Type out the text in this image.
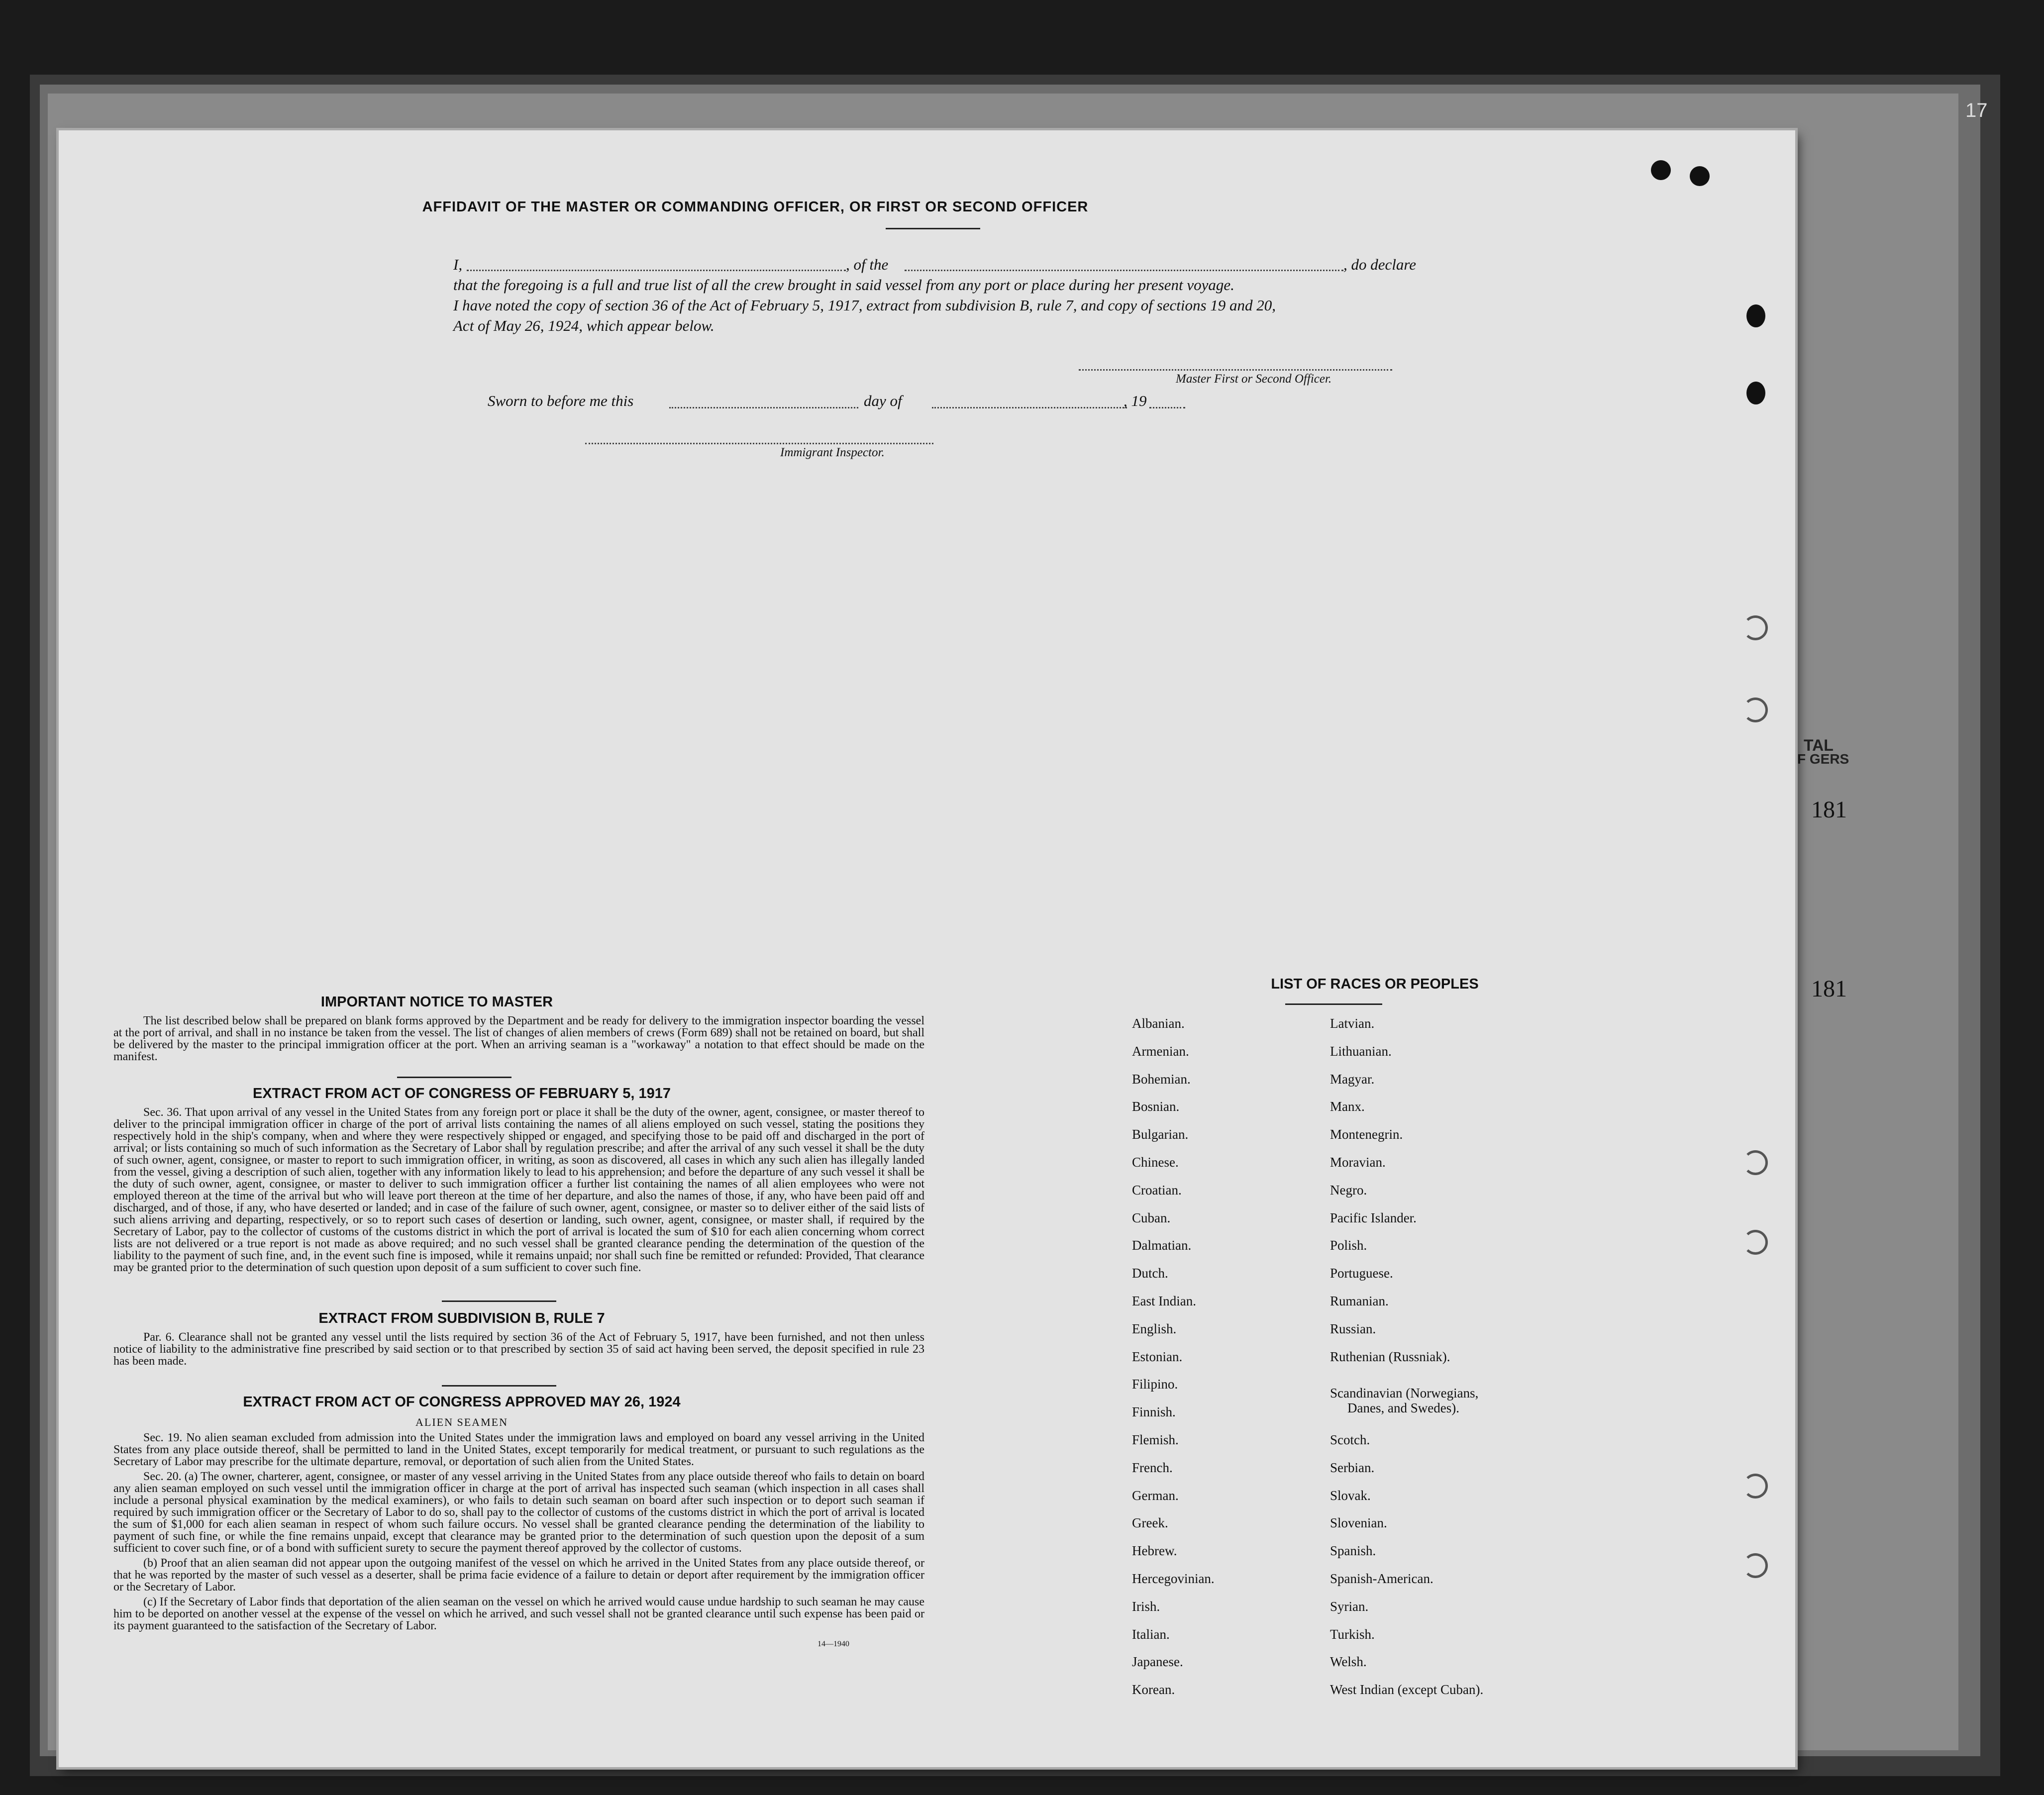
17
TAL
F GERS
181
181
AFFIDAVIT OF THE MASTER OR COMMANDING OFFICER, OR FIRST OR SECOND OFFICER
I,	, of the	, do declare
that the foregoing is a full and true list of all the crew brought in said vessel from any port or place during her present voyage.
I have noted the copy of section 36 of the Act of February 5, 1917, extract from subdivision B, rule 7, and copy of sections 19 and 20,
Act of May 26, 1924, which appear below.
Master First or Second Officer.
Sworn to before me this	day of	, 19
Immigrant Inspector.
IMPORTANT NOTICE TO MASTER
The list described below shall be prepared on blank forms approved by the Department and be ready for delivery to the immigration inspector boarding the vessel at the port of arrival, and shall in no instance be taken from the vessel. The list of changes of alien members of crews (Form 689) shall not be retained on board, but shall be delivered by the master to the principal immigration officer at the port. When an arriving seaman is a "workaway" a notation to that effect should be made on the manifest.
EXTRACT FROM ACT OF CONGRESS OF FEBRUARY 5, 1917
Sec. 36. That upon arrival of any vessel in the United States from any foreign port or place it shall be the duty of the owner, agent, consignee, or master thereof to deliver to the principal immigration officer in charge of the port of arrival lists containing the names of all aliens employed on such vessel, stating the positions they respectively hold in the ship's company, when and where they were respectively shipped or engaged, and specifying those to be paid off and discharged in the port of arrival; or lists containing so much of such information as the Secretary of Labor shall by regulation prescribe; and after the arrival of any such vessel it shall be the duty of such owner, agent, consignee, or master to report to such immigration officer, in writing, as soon as discovered, all cases in which any such alien has illegally landed from the vessel, giving a description of such alien, together with any information likely to lead to his apprehension; and before the departure of any such vessel it shall be the duty of such owner, agent, consignee, or master to deliver to such immigration officer a further list containing the names of all alien employees who were not employed thereon at the time of the arrival but who will leave port thereon at the time of her departure, and also the names of those, if any, who have been paid off and discharged, and of those, if any, who have deserted or landed; and in case of the failure of such owner, agent, consignee, or master so to deliver either of the said lists of such aliens arriving and departing, respectively, or so to report such cases of desertion or landing, such owner, agent, consignee, or master shall, if required by the Secretary of Labor, pay to the collector of customs of the customs district in which the port of arrival is located the sum of $10 for each alien concerning whom correct lists are not delivered or a true report is not made as above required; and no such vessel shall be granted clearance pending the determination of the question of the liability to the payment of such fine, and, in the event such fine is imposed, while it remains unpaid; nor shall such fine be remitted or refunded: Provided, That clearance may be granted prior to the determination of such question upon deposit of a sum sufficient to cover such fine.
EXTRACT FROM SUBDIVISION B, RULE 7
Par. 6. Clearance shall not be granted any vessel until the lists required by section 36 of the Act of February 5, 1917, have been furnished, and not then unless notice of liability to the administrative fine prescribed by said section or to that prescribed by section 35 of said act having been served, the deposit specified in rule 23 has been made.
EXTRACT FROM ACT OF CONGRESS APPROVED MAY 26, 1924
ALIEN SEAMEN

Sec. 19. No alien seaman excluded from admission into the United States under the immigration laws and employed on board any vessel arriving in the United States from any place outside thereof, shall be permitted to land in the United States, except temporarily for medical treatment, or pursuant to such regulations as the Secretary of Labor may prescribe for the ultimate departure, removal, or deportation of such alien from the United States.

Sec. 20. (a) The owner, charterer, agent, consignee, or master of any vessel arriving in the United States from any place outside thereof who fails to detain on board any alien seaman employed on such vessel until the immigration officer in charge at the port of arrival has inspected such seaman (which inspection in all cases shall include a personal physical examination by the medical examiners), or who fails to detain such seaman on board after such inspection or to deport such seaman if required by such immigration officer or the Secretary of Labor to do so, shall pay to the collector of customs of the customs district in which the port of arrival is located the sum of $1,000 for each alien seaman in respect of whom such failure occurs. No vessel shall be granted clearance pending the determination of the liability to payment of such fine, or while the fine remains unpaid, except that clearance may be granted prior to the determination of such question upon the deposit of a sum sufficient to cover such fine, or of a bond with sufficient surety to secure the payment thereof approved by the collector of customs.

(b) Proof that an alien seaman did not appear upon the outgoing manifest of the vessel on which he arrived in the United States from any place outside thereof, or that he was reported by the master of such vessel as a deserter, shall be prima facie evidence of a failure to detain or deport after requirement by the immigration officer or the Secretary of Labor.

(c) If the Secretary of Labor finds that deportation of the alien seaman on the vessel on which he arrived would cause undue hardship to such seaman he may cause him to be deported on another vessel at the expense of the vessel on which he arrived, and such vessel shall not be granted clearance until such expense has been paid or its payment guaranteed to the satisfaction of the Secretary of Labor.

14—1940
LIST OF RACES OR PEOPLES
Albanian.
Armenian.
Bohemian.
Bosnian.
Bulgarian.
Chinese.
Croatian.
Cuban.
Dalmatian.
Dutch.
East Indian.
English.
Estonian.
Filipino.
Finnish.
Flemish.
French.
German.
Greek.
Hebrew.
Hercegovinian.
Irish.
Italian.
Japanese.
Korean.
Latvian.
Lithuanian.
Magyar.
Manx.
Montenegrin.
Moravian.
Negro.
Pacific Islander.
Polish.
Portuguese.
Rumanian.
Russian.
Ruthenian (Russniak).
Scandinavian (Norwegians,
Danes, and Swedes).
Scotch.
Serbian.
Slovak.
Slovenian.
Spanish.
Spanish-American.
Syrian.
Turkish.
Welsh.
West Indian (except Cuban).
